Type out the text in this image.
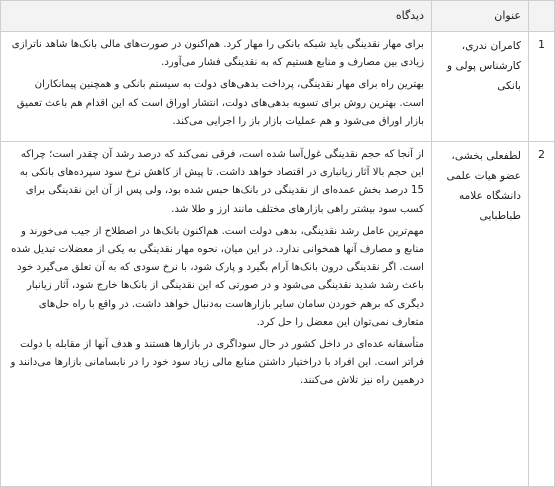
عنوان
دیدگاه
1
کامران ندری، کارشناس پولی و بانکی

برای مهار نقدینگی باید شبکه بانکی را مهار کرد. هم‌اکنون در صورت‌های مالی بانک‌ها شاهد ناترازی زیادی بین مصارف و منابع هستیم که به نقدینگی فشار می‌آورد.

بهترین راه برای مهار نقدینگی، پرداخت بدهی‌های دولت به سیستم بانکی و همچنین پیمانکاران است. بهترین روش برای تسویه بدهی‌های دولت، انتشار اوراق است که این اقدام هم باعث تعمیق بازار اوراق می‌شود و هم عملیات بازار باز را اجرایی می‌کند.

2
لطفعلی بخشی، عضو هیات علمی دانشگاه علامه طباطبایی

از آنجا که حجم نقدینگی غول‌آسا شده است، فرقی نمی‌کند که درصد رشد آن چقدر است؛ چراکه این حجم بالا آثار زیانباری در اقتصاد خواهد داشت. تا پیش از کاهش نرخ سود سپرده‌های بانکی به 15 درصد بخش عمده‌ای از نقدینگی در بانک‌ها حبس شده بود، ولی پس از آن این نقدینگی برای کسب سود بیشتر راهی بازارهای مختلف مانند ارز و طلا شد.

مهم‌ترین عامل رشد نقدینگی، بدهی دولت است. هم‌اکنون بانک‌ها در اصطلاح از جیب می‌خورند و منابع و مصارف آنها همخوانی ندارد. در این میان، نحوه مهار نقدینگی به یکی از معضلات تبدیل شده است. اگر نقدینگی درون بانک‌ها آرام بگیرد و پارک شود، با نرخ سودی که به آن تعلق می‌گیرد خود باعث رشد شدید نقدینگی می‌شود و در صورتی که این نقدینگی از بانک‌ها خارج شود، آثار زیانبار دیگری که برهم خوردن سامان سایر بازارهاست به‌دنبال خواهد داشت. در واقع با راه حل‌های متعارف نمی‌توان این معضل را حل کرد.

متأسفانه عده‌ای در داخل کشور در حال سوداگری در بازارها هستند و هدف آنها از مقابله با دولت فراتر است. این افراد با دراختیار داشتن منابع مالی زیاد سود خود را در نابسامانی بازارها می‌دانند و درهمین راه نیز تلاش می‌کنند.
